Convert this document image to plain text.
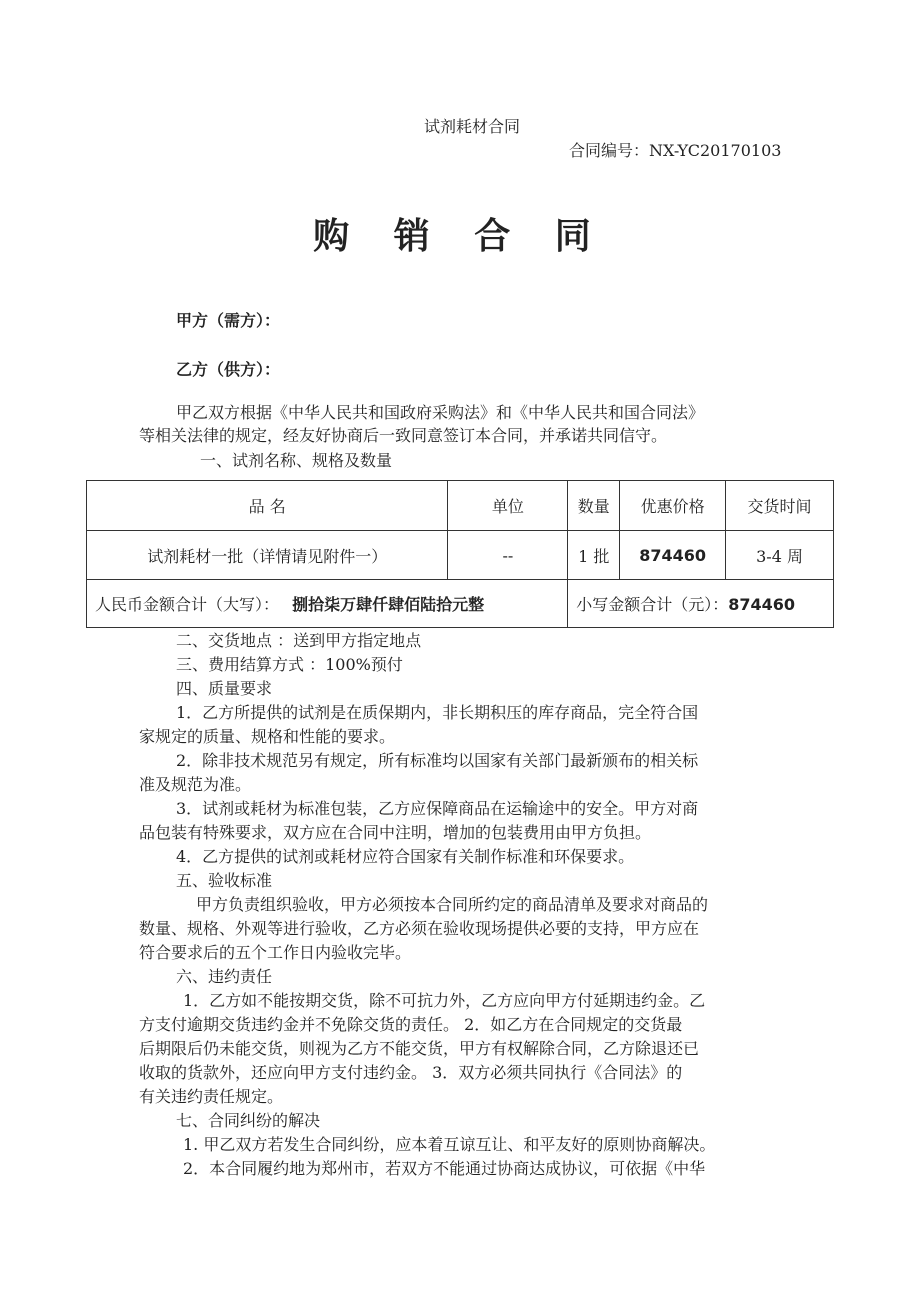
试剂耗材合同
合同编号：NX-YC20170103
购 销 合 同
甲方（需方）：
乙方（供方）：
甲乙双方根据《中华人民共和国政府采购法》和《中华人民共和国合同法》
等相关法律的规定，经友好协商后一致同意签订本合同，并承诺共同信守。
一、试剂名称、规格及数量
品 名	单位	数量	优惠价格	交货时间
试剂耗材一批（详情请见附件一）	--	1 批	874460	3-4 周
人民币金额合计（大写）： 捌拾柒万肆仟肆佰陆拾元整		小写金额合计（元）：874460		
二、交货地点 ：送到甲方指定地点
三、费用结算方式 ：100%预付
四、质量要求
1．乙方所提供的试剂是在质保期内，非长期积压的库存商品，完全符合国
家规定的质量、规格和性能的要求。
2．除非技术规范另有规定，所有标准均以国家有关部门最新颁布的相关标
准及规范为准。
3．试剂或耗材为标准包装，乙方应保障商品在运输途中的安全。甲方对商
品包装有特殊要求，双方应在合同中注明，增加的包装费用由甲方负担。
4．乙方提供的试剂或耗材应符合国家有关制作标准和环保要求。
五、验收标准
甲方负责组织验收，甲方必须按本合同所约定的商品清单及要求对商品的
数量、规格、外观等进行验收，乙方必须在验收现场提供必要的支持，甲方应在
符合要求后的五个工作日内验收完毕。
六、违约责任
1．乙方如不能按期交货，除不可抗力外，乙方应向甲方付延期违约金。乙
方支付逾期交货违约金并不免除交货的责任。 2．如乙方在合同规定的交货最
后期限后仍未能交货，则视为乙方不能交货，甲方有权解除合同，乙方除退还已
收取的货款外，还应向甲方支付违约金。 3．双方必须共同执行《合同法》的
有关违约责任规定。
七、合同纠纷的解决
1. 甲乙双方若发生合同纠纷，应本着互谅互让、和平友好的原则协商解决。
2．本合同履约地为郑州市，若双方不能通过协商达成协议，可依据《中华
